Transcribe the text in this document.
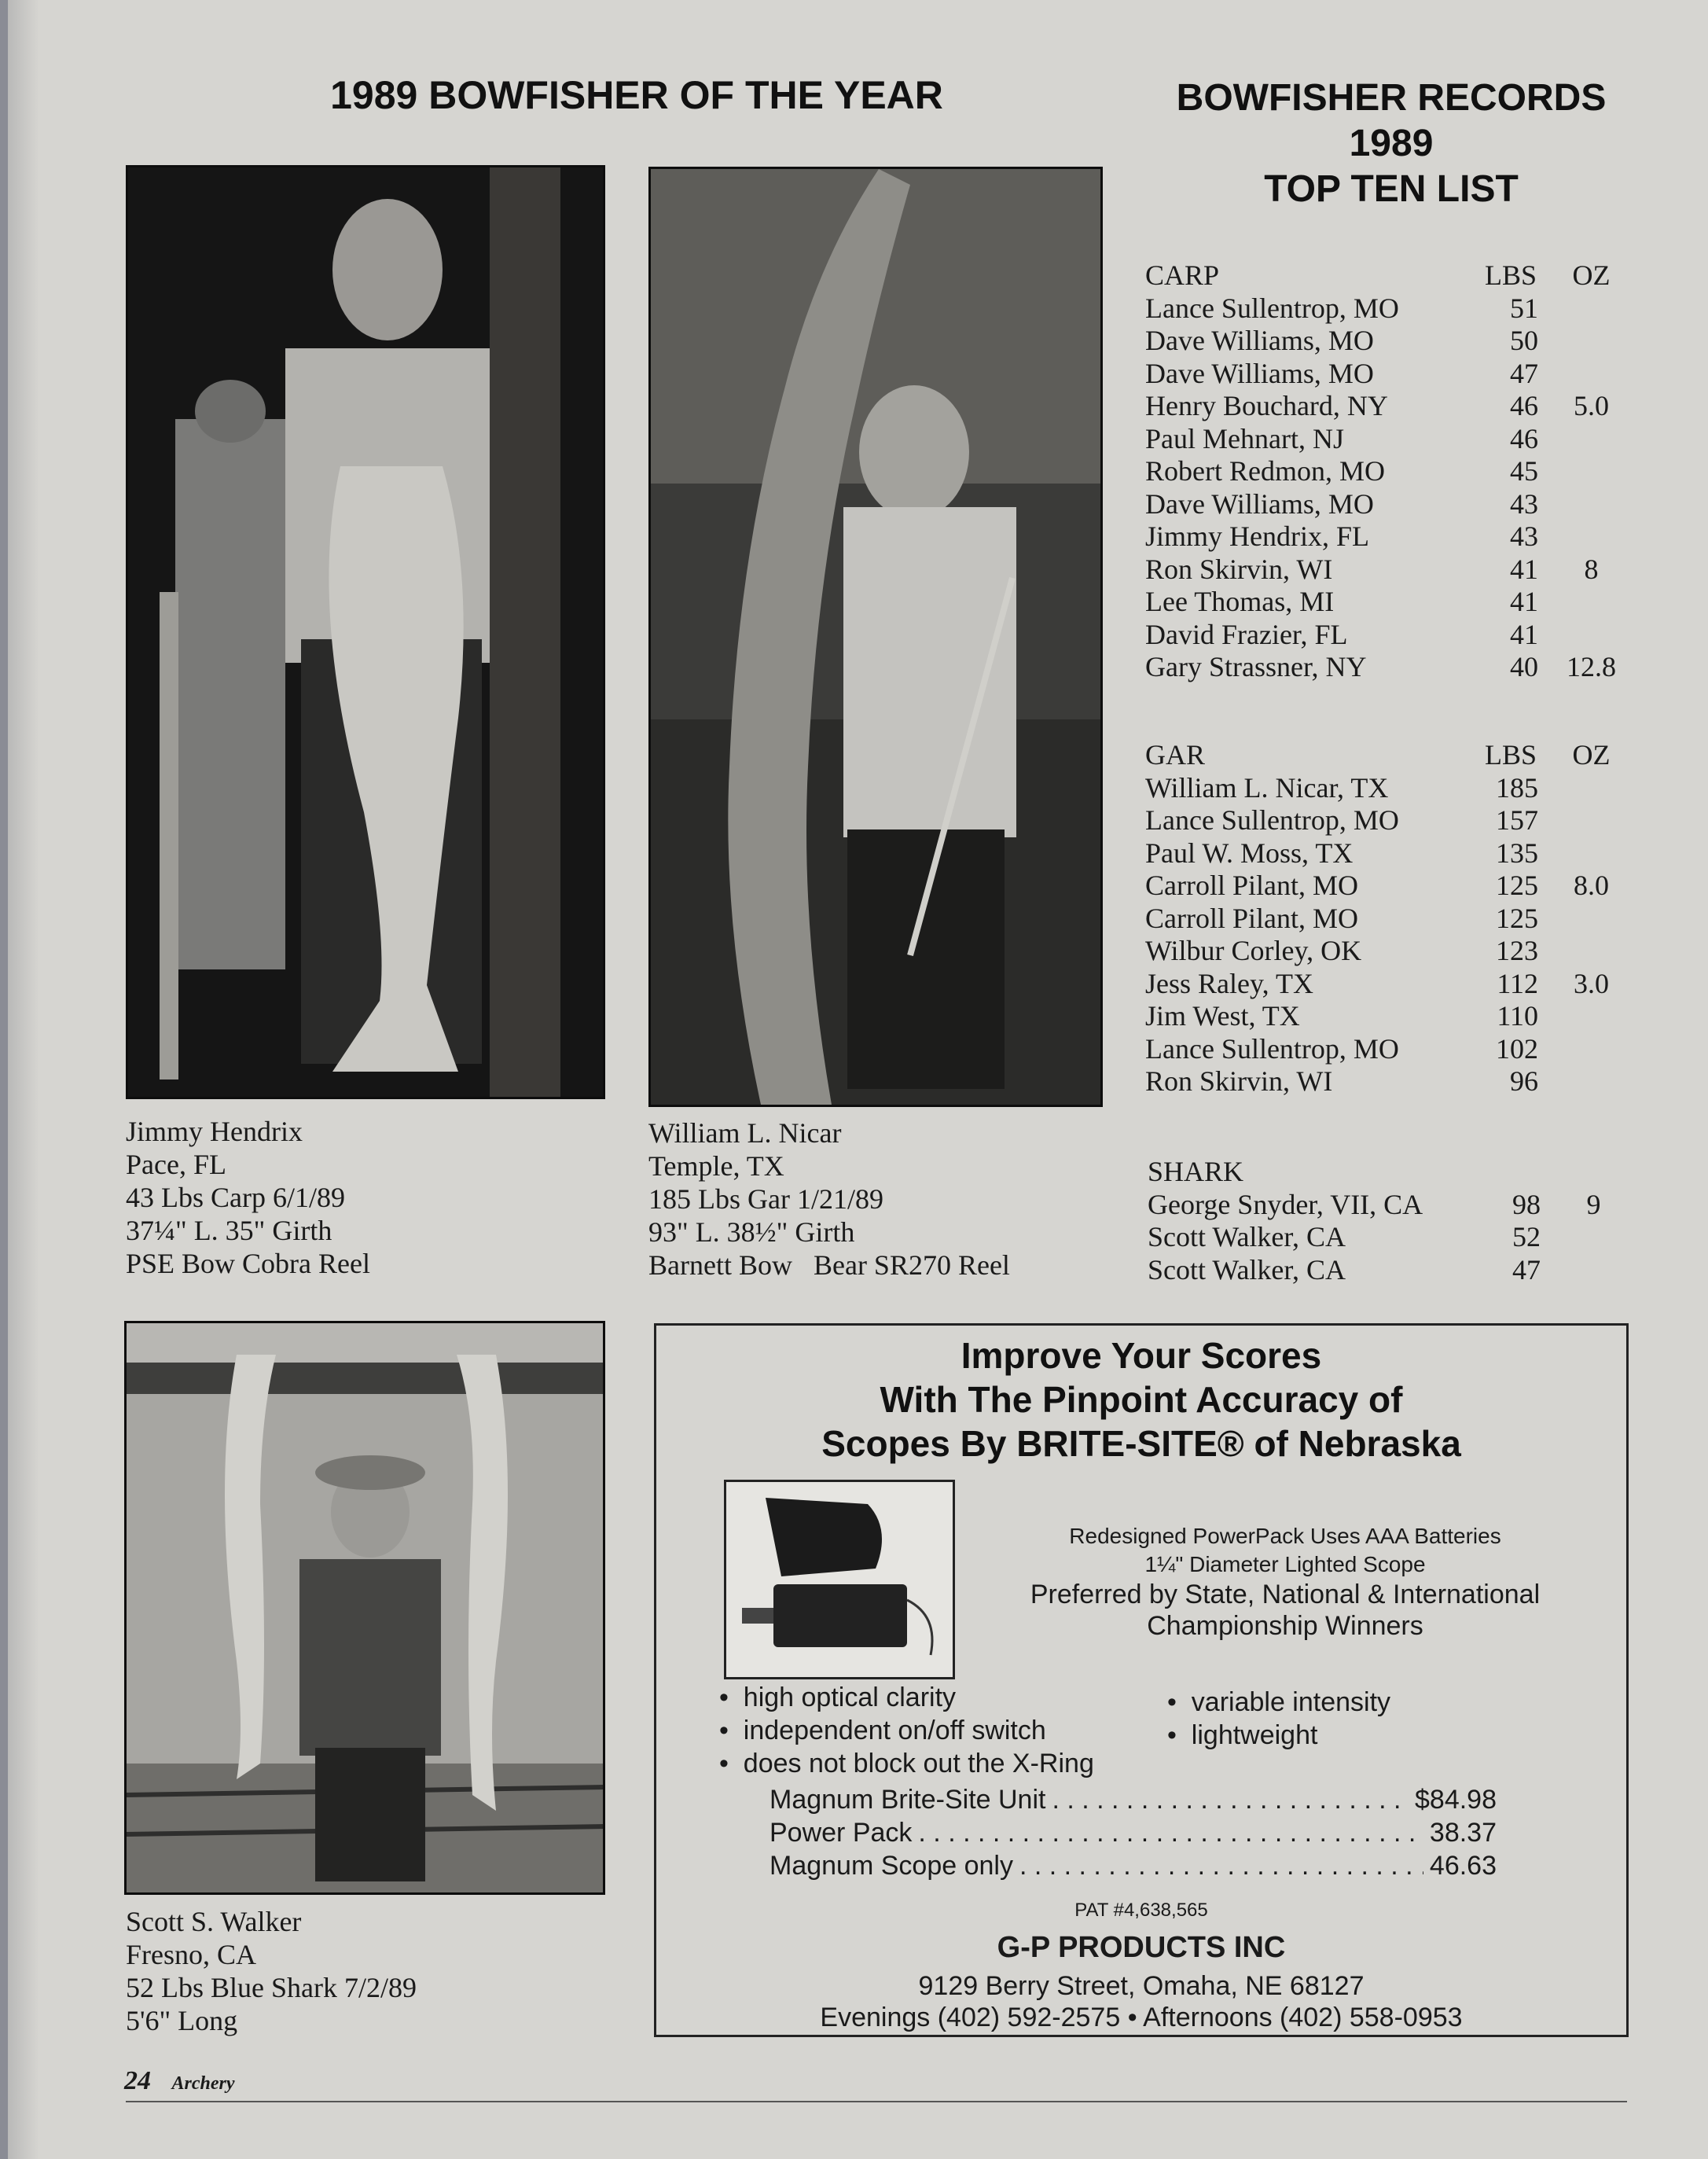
1989 BOWFISHER OF THE YEAR	BOWFISHER RECORDS
1989
TOP TEN LIST
Jimmy Hendrix
Pace, FL
43 Lbs Carp 6/1/89
37¼" L. 35" Girth
PSE Bow Cobra Reel
William L. Nicar
Temple, TX
185 Lbs Gar 1/21/89
93" L. 38½" Girth
Barnett Bow   Bear SR270 Reel
Scott S. Walker
Fresno, CA
52 Lbs Blue Shark 7/2/89
5'6" Long
CARP	LBS	OZ
Lance Sullentrop, MO	51
Dave Williams, MO	50
Dave Williams, MO	47
Henry Bouchard, NY	46	5.0
Paul Mehnart, NJ	46
Robert Redmon, MO	45
Dave Williams, MO	43
Jimmy Hendrix, FL	43
Ron Skirvin, WI	41	8
Lee Thomas, MI	41
David Frazier, FL	41
Gary Strassner, NY	40	12.8
GAR	LBS	OZ
William L. Nicar, TX	185
Lance Sullentrop, MO	157
Paul W. Moss, TX	135
Carroll Pilant, MO	125	8.0
Carroll Pilant, MO	125
Wilbur Corley, OK	123
Jess Raley, TX	112	3.0
Jim West, TX	110
Lance Sullentrop, MO	102
Ron Skirvin, WI	96
SHARK
George Snyder, VII, CA	98	9
Scott Walker, CA	52
Scott Walker, CA	47
Improve Your Scores
With The Pinpoint Accuracy of
Scopes By BRITE-SITE® of Nebraska
Redesigned PowerPack Uses AAA Batteries
1¼" Diameter Lighted Scope
Preferred by State, National & International
Championship Winners
•  high optical clarity
•  independent on/off switch
•  does not block out the X-Ring
•  variable intensity
•  lightweight
Magnum Brite-Site Unit . . .	$84.98
Power Pack . . .	38.37
Magnum Scope only . . .	46.63
PAT #4,638,565
G-P PRODUCTS INC
9129 Berry Street, Omaha, NE 68127
Evenings (402) 592-2575 • Afternoons (402) 558-0953
24 Archery
